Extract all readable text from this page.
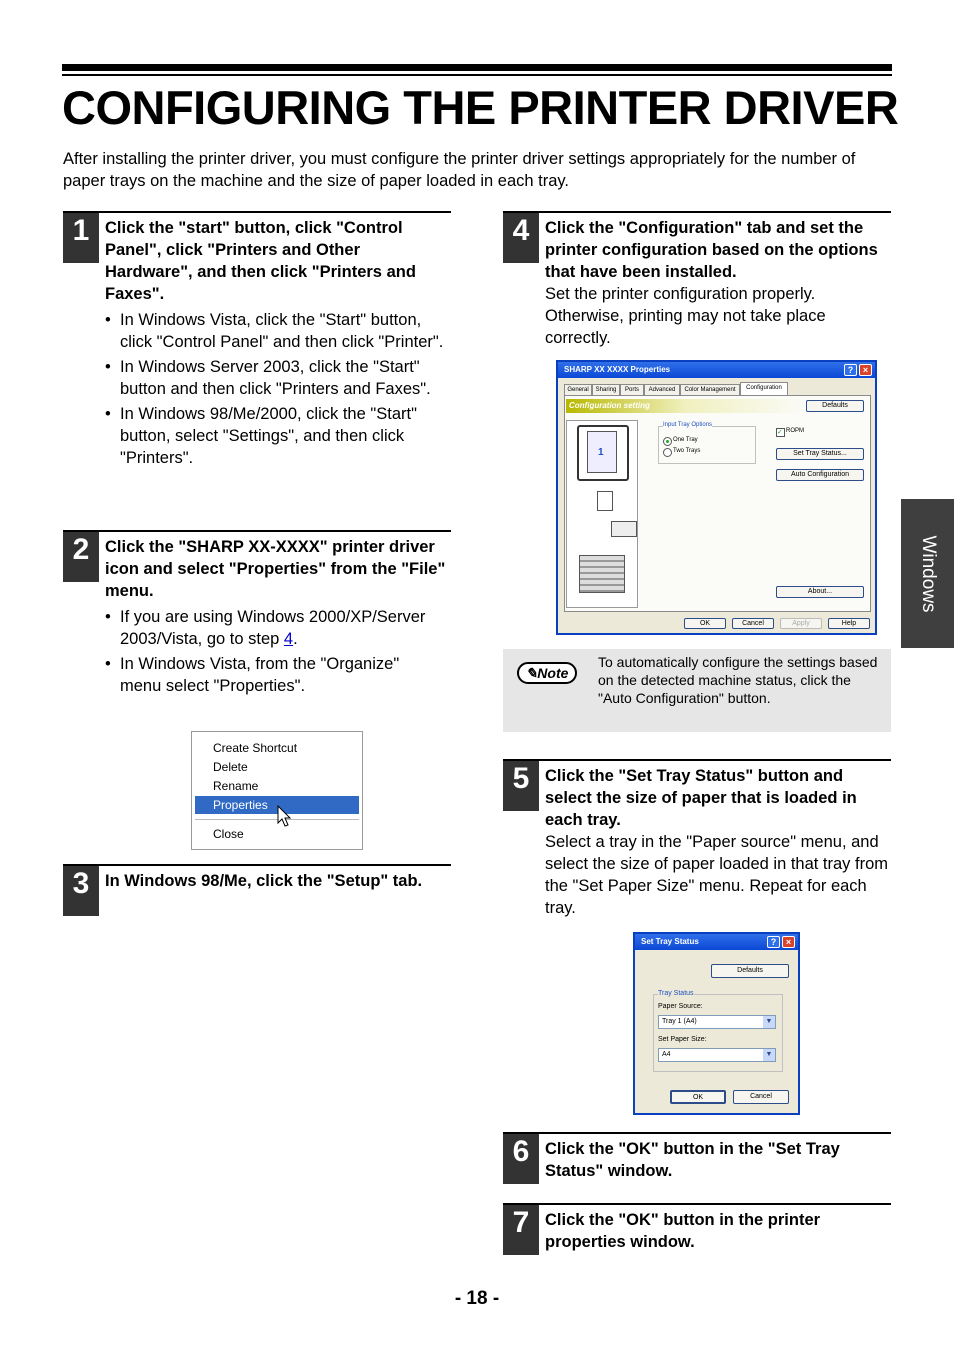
CONFIGURING THE PRINTER DRIVER

After installing the printer driver, you must configure the printer driver settings appropriately for the number of paper trays on the machine and the size of paper loaded in each tray.

1 Click the "start" button, click "Control Panel", click "Printers and Other Hardware", and then click "Printers and Faxes".

• In Windows Vista, click the "Start" button, click "Control Panel" and then click "Printer".
• In Windows Server 2003, click the "Start" button and then click "Printers and Faxes".
• In Windows 98/Me/2000, click the "Start" button, select "Settings", and then click "Printers".
2 Click the "SHARP XX-XXXX" printer driver icon and select "Properties" from the "File" menu.

• If you are using Windows 2000/XP/Server 2003/Vista, go to step 4.
• In Windows Vista, from the "Organize" menu select "Properties".
Create Shortcut
Delete
Rename
Properties
Close
3 In Windows 98/Me, click the "Setup" tab.

4 Click the "Configuration" tab and set the printer configuration based on the options that have been installed.

Set the printer configuration properly. Otherwise, printing may not take place correctly.

SHARP XX XXXX Properties	?	×
General	Sharing	Ports	Advanced	Color Management	Configuration
Configuration setting	Defaults
1
Input Tray Options
One Tray
Two Trays
✓ ROPM
Set Tray Status...
Auto Configuration
About...
OK	Cancel	Apply	Help
✎Note

To automatically configure the settings based on the detected machine status, click the "Auto Configuration" button.

5 Click the "Set Tray Status" button and select the size of paper that is loaded in each tray.

Select a tray in the "Paper source" menu, and select the size of paper loaded in that tray from the "Set Paper Size" menu. Repeat for each tray.

Set Tray Status	?	×
Defaults
Tray Status
Paper Source:
Tray 1 (A4)	▼
Set Paper Size:
A4	▼
OK	Cancel
6 Click the "OK" button in the "Set Tray Status" window.

7 Click the "OK" button in the printer properties window.

Windows
- 18 -
